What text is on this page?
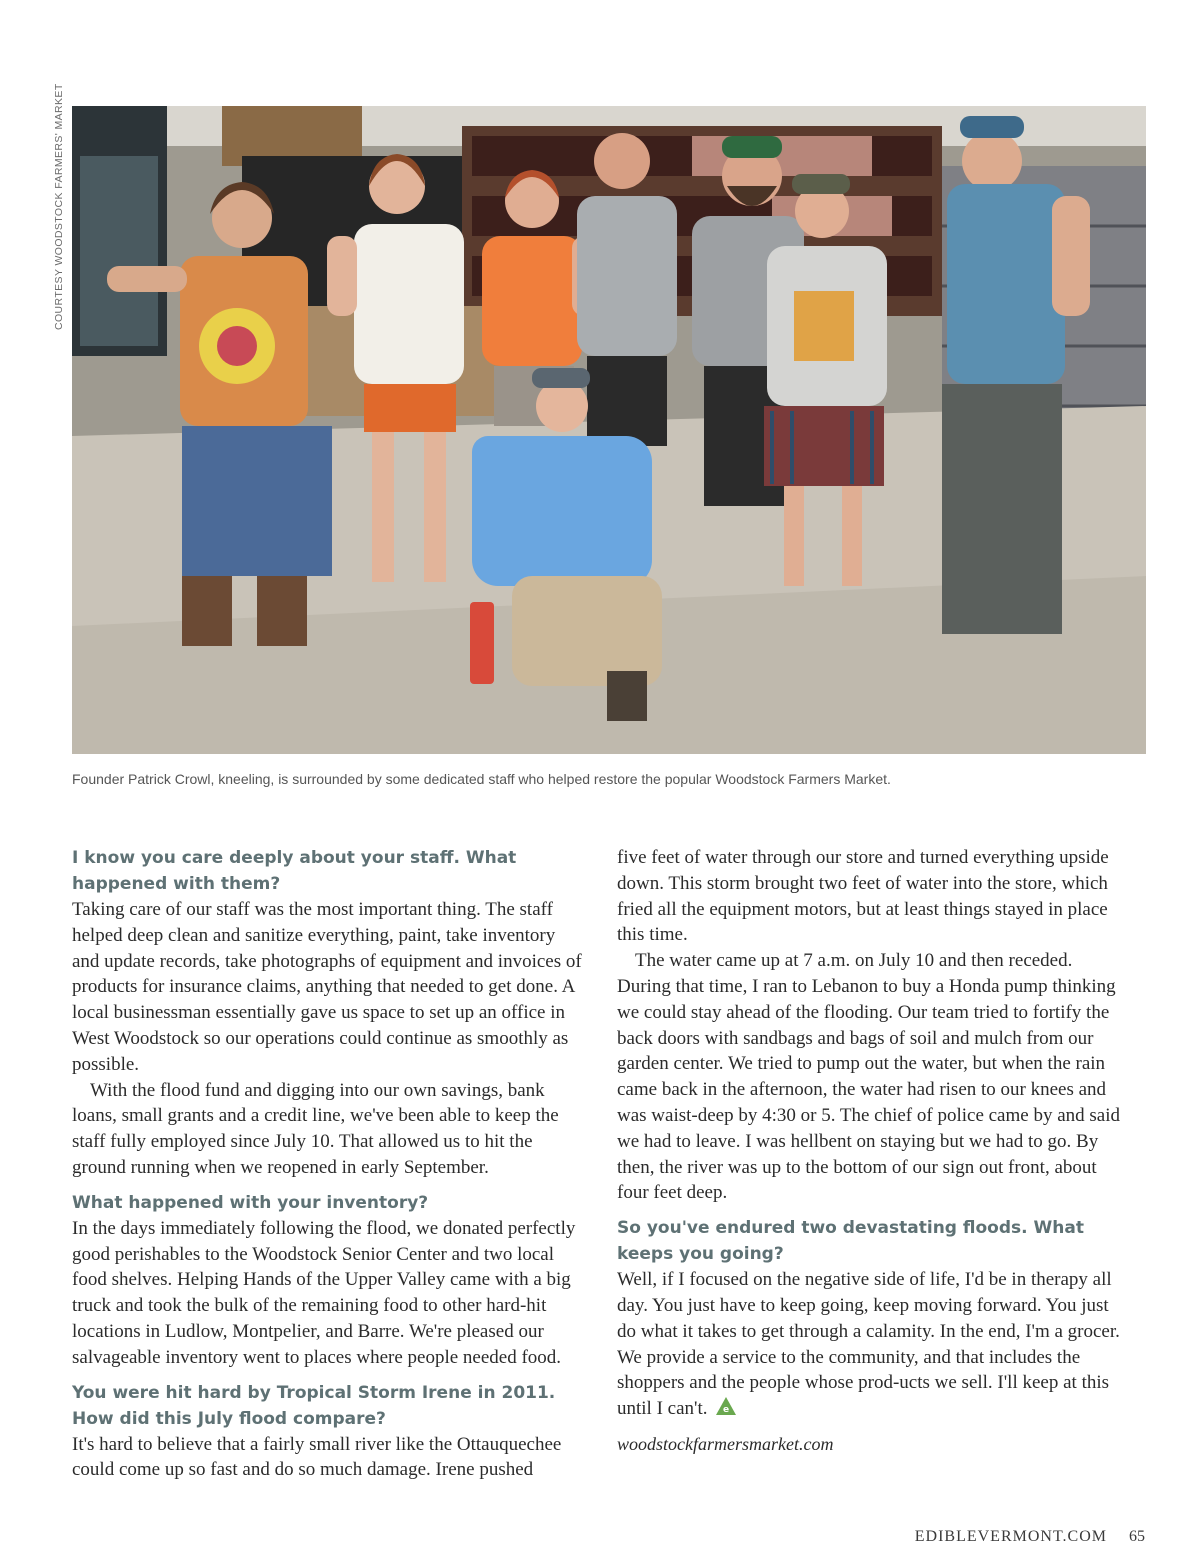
COURTESY WOODSTOCK FARMERS' MARKET
Founder Patrick Crowl, kneeling, is surrounded by some dedicated staff who helped restore the popular Woodstock Farmers Market.

I know you care deeply about your staff. What happened with them?

Taking care of our staff was the most important thing. The staff helped deep clean and sanitize everything, paint, take inventory and update records, take photographs of equipment and invoices of products for insurance claims, anything that needed to get done. A local businessman essentially gave us space to set up an office in West Woodstock so our operations could continue as smoothly as possible.

With the flood fund and digging into our own savings, bank loans, small grants and a credit line, we've been able to keep the staff fully employed since July 10. That allowed us to hit the ground running when we reopened in early September.

What happened with your inventory?

In the days immediately following the flood, we donated perfectly good perishables to the Woodstock Senior Center and two local food shelves. Helping Hands of the Upper Valley came with a big truck and took the bulk of the remaining food to other hard-hit locations in Ludlow, Montpelier, and Barre. We're pleased our salvageable inventory went to places where people needed food.

You were hit hard by Tropical Storm Irene in 2011. How did this July flood compare?

It's hard to believe that a fairly small river like the Ottauquechee could come up so fast and do so much damage. Irene pushed

five feet of water through our store and turned everything upside down. This storm brought two feet of water into the store, which fried all the equipment motors, but at least things stayed in place this time.

The water came up at 7 a.m. on July 10 and then receded. During that time, I ran to Lebanon to buy a Honda pump thinking we could stay ahead of the flooding. Our team tried to fortify the back doors with sandbags and bags of soil and mulch from our garden center. We tried to pump out the water, but when the rain came back in the afternoon, the water had risen to our knees and was waist-deep by 4:30 or 5. The chief of police came by and said we had to leave. I was hellbent on staying but we had to go. By then, the river was up to the bottom of our sign out front, about four feet deep.

So you've endured two devastating floods. What keeps you going?

Well, if I focused on the negative side of life, I'd be in therapy all day. You just have to keep going, keep moving forward. You just do what it takes to get through a calamity. In the end, I'm a grocer. We provide a service to the community, and that includes the shoppers and the people whose prod-ucts we sell. I'll keep at this until I can't. e

woodstockfarmersmarket.com
EDIBLEVERMONT.COM 65
